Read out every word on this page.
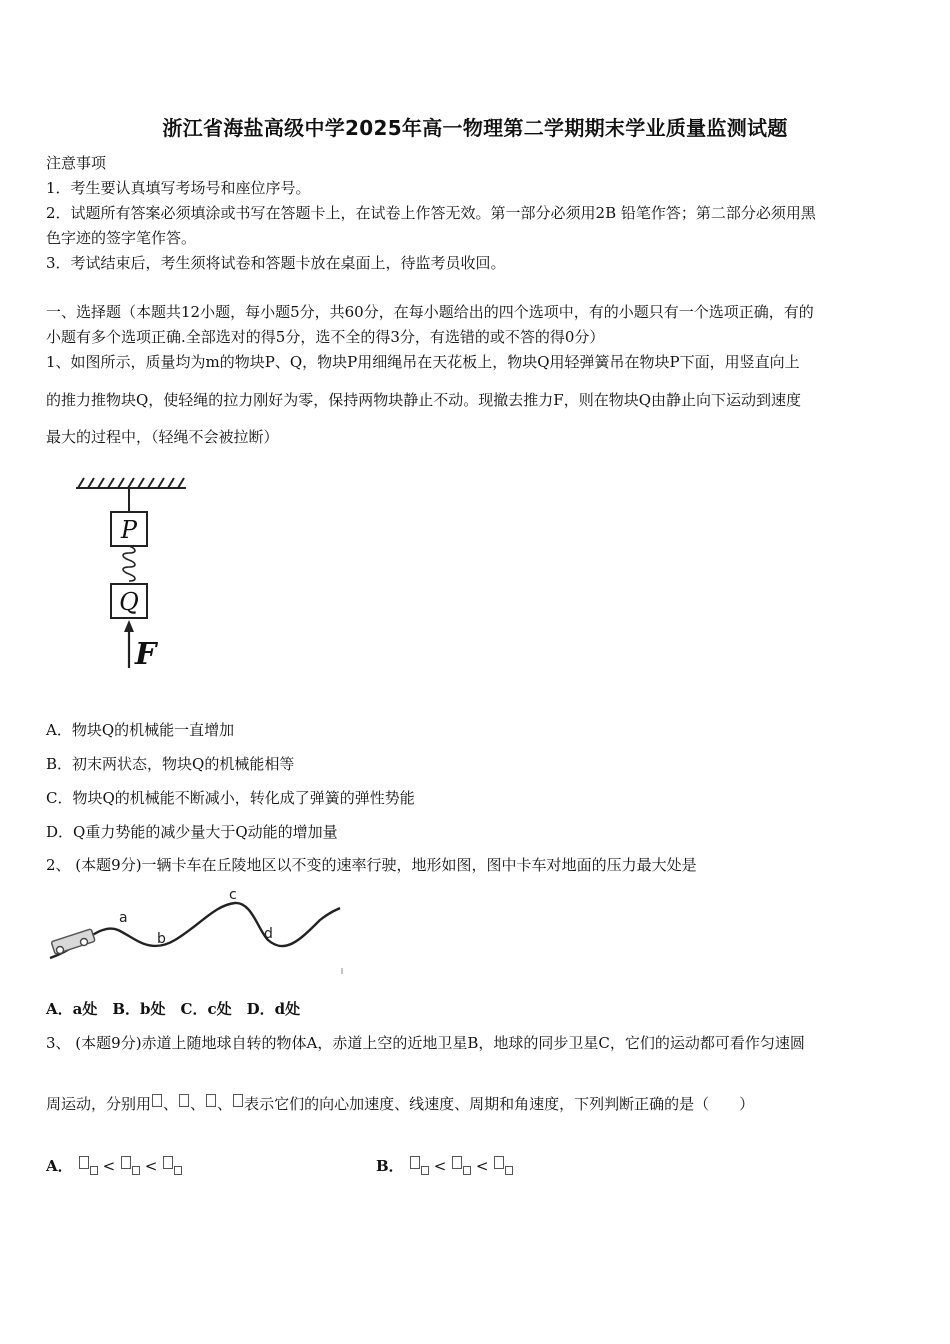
浙江省海盐高级中学2025年高一物理第二学期期末学业质量监测试题
注意事项
1．考生要认真填写考场号和座位序号。
2．试题所有答案必须填涂或书写在答题卡上，在试卷上作答无效。第一部分必须用2B 铅笔作答；第二部分必须用黑
色字迹的签字笔作答。
3．考试结束后，考生须将试卷和答题卡放在桌面上，待监考员收回。
一、选择题（本题共12小题，每小题5分，共60分，在每小题给出的四个选项中，有的小题只有一个选项正确，有的
小题有多个选项正确.全部选对的得5分，选不全的得3分，有选错的或不答的得0分）
1、如图所示，质量均为m的物块P、Q，物块P用细绳吊在天花板上，物块Q用轻弹簧吊在物块P下面，用竖直向上
的推力推物块Q，使轻绳的拉力刚好为零，保持两物块静止不动。现撤去推力F，则在物块Q由静止向下运动到速度
最大的过程中，（轻绳不会被拉断）
P
Q
F
A．物块Q的机械能一直增加
B．初末两状态，物块Q的机械能相等
C．物块Q的机械能不断减小，转化成了弹簧的弹性势能
D．Q重力势能的减少量大于Q动能的增加量
2、 (本题9分)一辆卡车在丘陵地区以不变的速率行驶，地形如图，图中卡车对地面的压力最大处是
a
b
c
d
A．a处　B．b处　C．c处　D．d处
3、 (本题9分)赤道上随地球自转的物体A，赤道上空的近地卫星B，地球的同步卫星C，它们的运动都可看作匀速圆
周运动，分别用 、 、 、 表示它们的向心加速度、线速度、周期和角速度，下列判断正确的是（　　）
A． < <	B． < <
